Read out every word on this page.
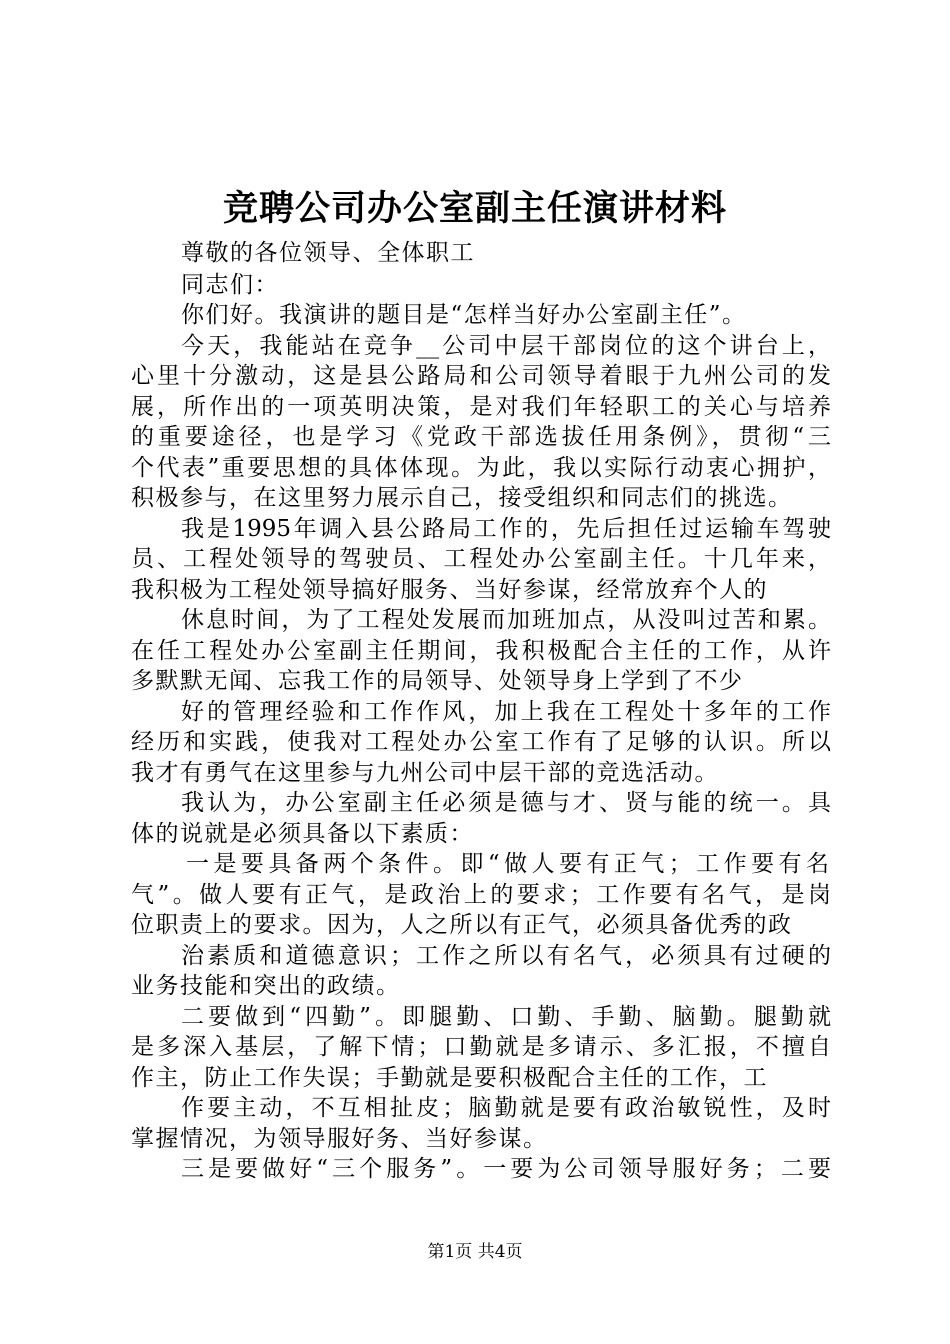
竞聘公司办公室副主任演讲材料
尊敬的各位领导、全体职工
同志们：
你们好。我演讲的题目是“怎样当好办公室副主任”。
今天，我能站在竞争__公司中层干部岗位的这个讲台上，
心里十分激动，这是县公路局和公司领导着眼于九州公司的发
展，所作出的一项英明决策，是对我们年轻职工的关心与培养
的重要途径，也是学习《党政干部选拔任用条例》，贯彻“三
个代表”重要思想的具体体现。为此，我以实际行动衷心拥护，
积极参与，在这里努力展示自己，接受组织和同志们的挑选。
我是1995年调入县公路局工作的，先后担任过运输车驾驶
员、工程处领导的驾驶员、工程处办公室副主任。十几年来，
我积极为工程处领导搞好服务、当好参谋，经常放弃个人的
休息时间，为了工程处发展而加班加点，从没叫过苦和累。
在任工程处办公室副主任期间，我积极配合主任的工作，从许
多默默无闻、忘我工作的局领导、处领导身上学到了不少
好的管理经验和工作作风，加上我在工程处十多年的工作
经历和实践，使我对工程处办公室工作有了足够的认识。所以
我才有勇气在这里参与九州公司中层干部的竞选活动。
我认为，办公室副主任必须是德与才、贤与能的统一。具
体的说就是必须具备以下素质：
一是要具备两个条件。即“做人要有正气；工作要有名
气”。做人要有正气，是政治上的要求；工作要有名气，是岗
位职责上的要求。因为，人之所以有正气，必须具备优秀的政
治素质和道德意识；工作之所以有名气，必须具有过硬的
业务技能和突出的政绩。
二要做到“四勤”。即腿勤、口勤、手勤、脑勤。腿勤就
是多深入基层，了解下情；口勤就是多请示、多汇报，不擅自
作主，防止工作失误；手勤就是要积极配合主任的工作，工
作要主动，不互相扯皮；脑勤就是要有政治敏锐性，及时
掌握情况，为领导服好务、当好参谋。
三是要做好“三个服务”。一要为公司领导服好务；二要
第1页 共4页
